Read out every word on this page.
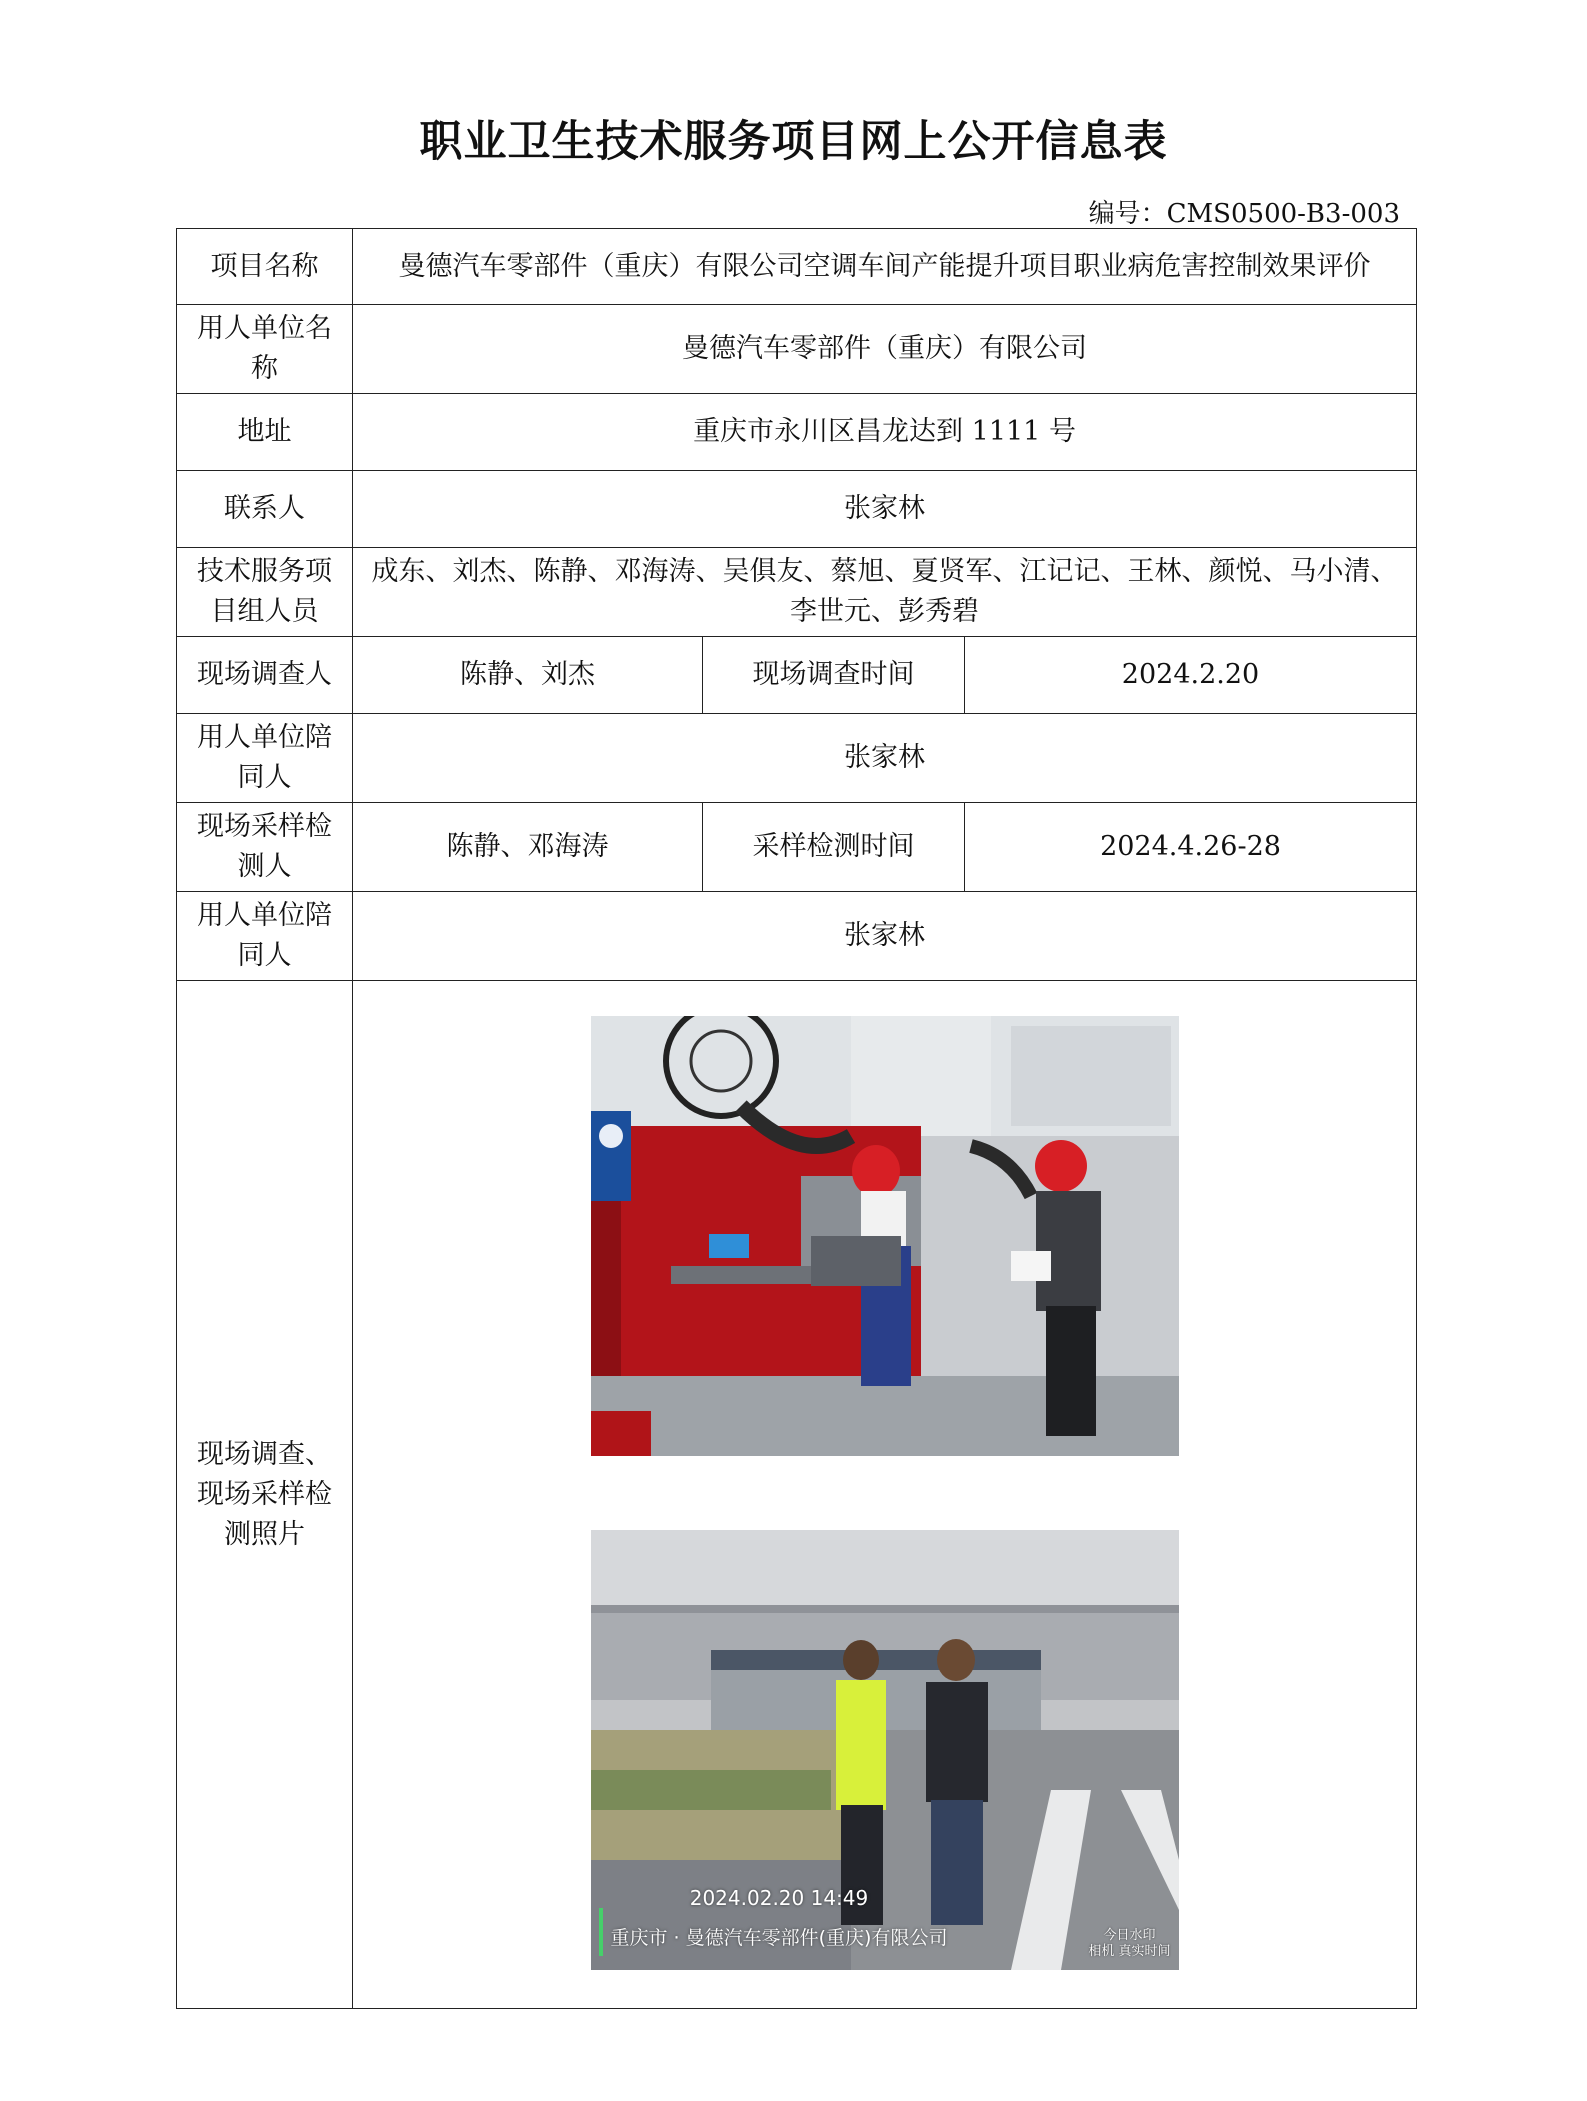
职业卫生技术服务项目网上公开信息表
编号：CMS0500-B3-003
项目名称	曼德汽车零部件（重庆）有限公司空调车间产能提升项目职业病危害控制效果评价		
用人单位名称	曼德汽车零部件（重庆）有限公司		
地址	重庆市永川区昌龙达到 1111 号		
联系人	张家林		
技术服务项目组人员	成东、刘杰、陈静、邓海涛、吴俱友、蔡旭、夏贤军、江记记、王林、颜悦、马小清、李世元、彭秀碧		
现场调查人	陈静、刘杰	现场调查时间	2024.2.20
用人单位陪同人	张家林		
现场采样检测人	陈静、邓海涛	采样检测时间	2024.4.26-28
用人单位陪同人	张家林		
现场调查、现场采样检测照片	2024.02.20 14:49
重庆市 · 曼德汽车零部件(重庆)有限公司 今日水印
相机 真实时间		
